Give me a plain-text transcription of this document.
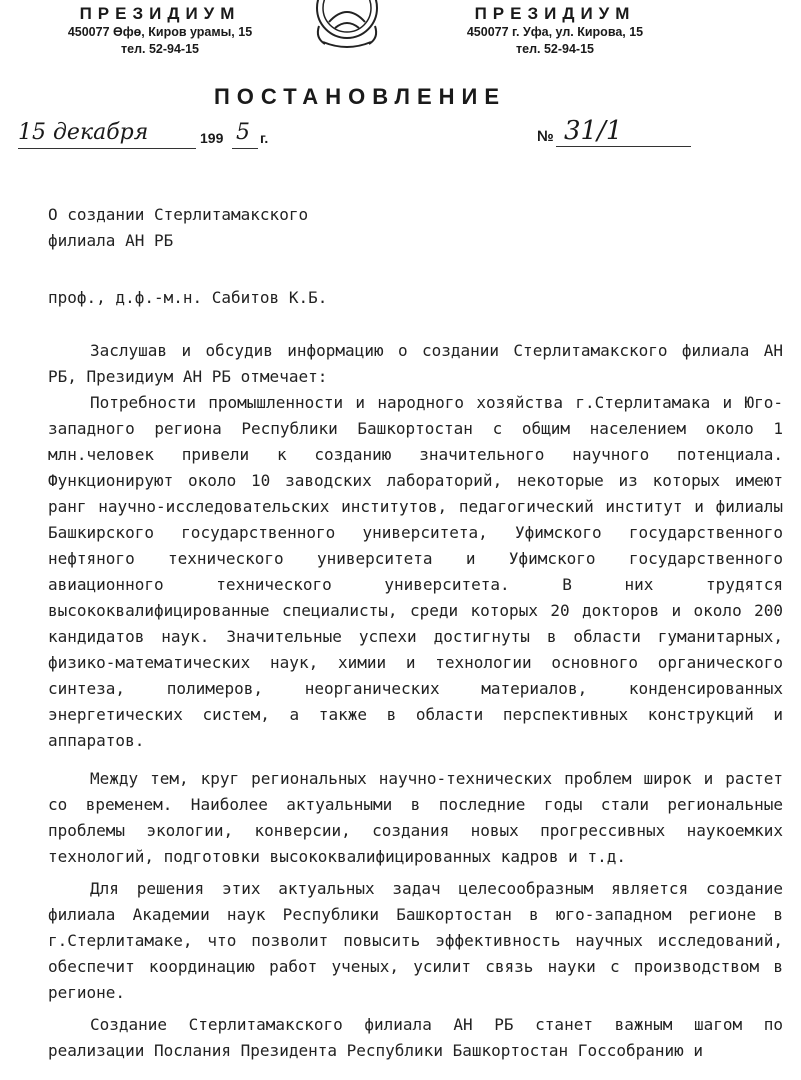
ПРЕЗИДИУМ
450077 Өфө, Киров урамы, 15
тел. 52-94-15
ПРЕЗИДИУМ
450077 г. Уфа, ул. Кирова, 15
тел. 52-94-15
ПОСТАНОВЛЕНИЕ
15 декабря	199 5 г.	№ 31/1
О создании Стерлитамакского
филиала АН РБ
проф., д.ф.-м.н. Сабитов К.Б.

Заслушав и обсудив информацию о создании Стерлитамакского филиала АН РБ, Президиум АН РБ отмечает:

Потребности промышленности и народного хозяйства г.Стерлитамака и Юго-западного региона Республики Башкортостан с общим населением около 1 млн.человек привели к созданию значительного научного потенциала. Функционируют около 10 заводских лабораторий, некоторые из которых имеют ранг научно-исследовательских институтов, педагогический институт и филиалы Башкирского государственного университета, Уфимского государственного нефтяного технического университета и Уфимского государственного авиационного технического университета. В них трудятся высококвалифицированные специалисты, среди которых 20 докторов и около 200 кандидатов наук. Значительные успехи достигнуты в области гуманитарных, физико-математических наук, химии и технологии основного органического синтеза, полимеров, неорганических материалов, конденсированных энергетических систем, а также в области перспективных конструкций и аппаратов.

Между тем, круг региональных научно-технических проблем широк и растет со временем. Наиболее актуальными в последние годы стали региональные проблемы экологии, конверсии, создания новых прогрессивных наукоемких технологий, подготовки высококвалифицированных кадров и т.д.

Для решения этих актуальных задач целесообразным является создание филиала Академии наук Республики Башкортостан в юго-западном регионе в г.Стерлитамаке, что позволит повысить эффективность научных исследований, обеспечит координацию работ ученых, усилит связь науки с производством в регионе.

Создание Стерлитамакского филиала АН РБ станет важным шагом по реализации Послания Президента Республики Башкортостан Госсобранию и
